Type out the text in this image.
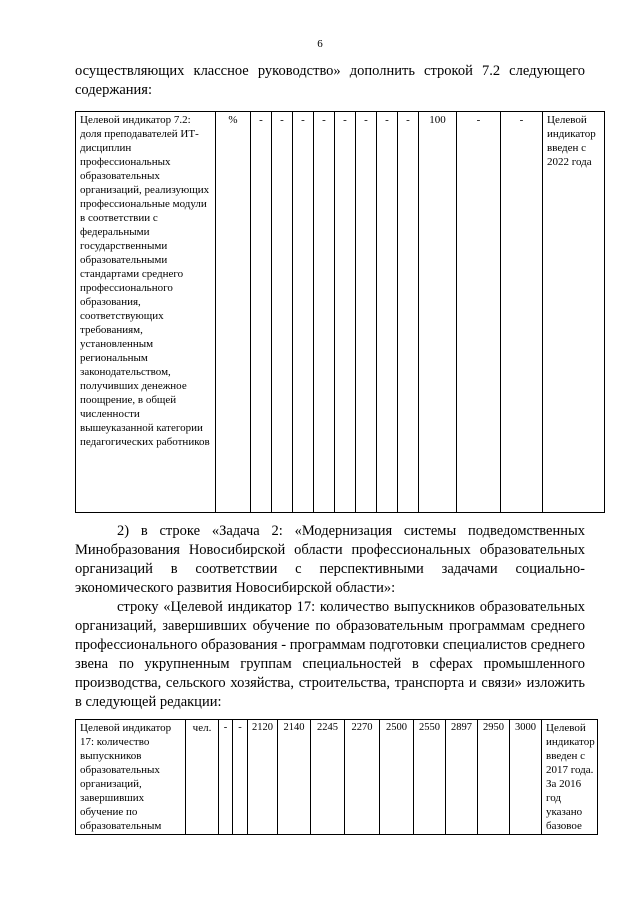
6
осуществляющих классное руководство» дополнить строкой 7.2 следующего содержания:
Целевой индикатор 7.2: доля преподавателей ИТ-дисциплин профессиональных образовательных организаций, реализующих профессиональные модули в соответствии с федеральными государственными образовательными стандартами среднего профессионального образования, соответствующих требованиям, установленным региональным законодательством, получивших денежное поощрение, в общей численности вышеуказанной категории педагогических работников	%	-	-	-	-	-	-	-	-	100	-	-	Целевой индикатор введен с 2022 года
2) в строке «Задача 2: «Модернизация системы подведомственных Минобразования Новосибирской области профессиональных образовательных организаций в соответствии с перспективными задачами социально-экономического развития Новосибирской области»:
строку «Целевой индикатор 17: количество выпускников образовательных организаций, завершивших обучение по образовательным программам среднего профессионального образования - программам подготовки специалистов среднего звена по укрупненным группам специальностей в сферах промышленного производства, сельского хозяйства, строительства, транспорта и связи» изложить в следующей редакции:
Целевой индикатор 17: количество выпускников образовательных организаций, завершивших обучение по образовательным	чел.	-	-	2120	2140	2245	2270	2500	2550	2897	2950	3000	Целевой индикатор введен с 2017 года. За 2016 год указано базовое
